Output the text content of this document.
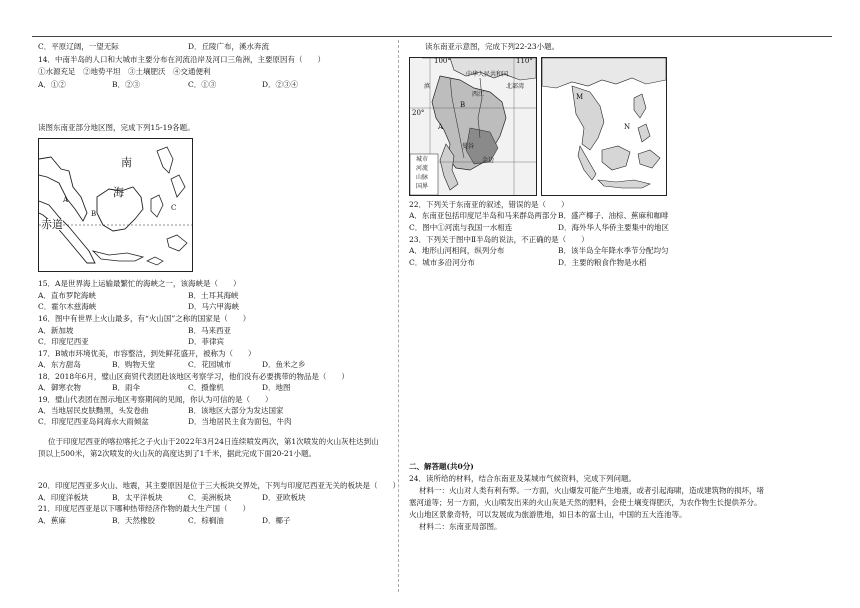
C．平原辽阔，一望无际	D．丘陵广布，溪水奔流
14．中南半岛的人口和大城市主要分布在河流沿岸及河口三角洲，主要原因有（　　）
①水源充足　②地势平坦　③土壤肥沃　④交通便利
A．①②	B．②③	C．①③	D．②③④
读图东南亚部分地区图，完成下列15-19各题。
南
海
A
B
C
赤道
15．A是世界海上运输最繁忙的海峡之一，该海峡是（　　）
A．直布罗陀海峡	B．土耳其海峡
C．霍尔木兹海峡	D．马六甲海峡
16．图中有世界上火山最多，有“火山国”之称的国家是（　　）
A．新加坡	B．马来西亚
C．印度尼西亚	D．菲律宾
17．B城市环境优美，市容整洁，到处鲜花盛开，被称为（　　）
A．东方甜岛	B．购物天堂	C．花园城市	D．鱼米之乡
18．2018年6月，璧山区商贸代表团赴该地区考察学习，他们没有必要携带的物品是（　　）
A．御寒衣物	B．雨伞	C．摄像机	D．地图
19．璧山代表团在图示地区考察期间的见闻，你认为可信的是（　　）
A．当地居民皮肤黝黑，头发卷曲	B．该地区大部分为发达国家
C．印度尼西亚岛间海水大雨倾盆	D．当地居民主食为面包，牛肉
位于印度尼西亚的喀拉喀托之子火山于2022年3月24日连续喷发两次，第1次喷发的火山灰柱达到山
顶以上500米，第2次喷发的火山灰的高度达到了1千米，据此完成下面20-21小题。
20．印度尼西亚多火山、地震，其主要原因是位于三大板块交界处，下列与印度尼西亚无关的板块是（　　）
A．印度洋板块	B．太平洋板块	C．美洲板块	D．亚欧板块
21．印度尼西亚是以下哪种热带经济作物的最大生产国（　　）
A．蕉麻	B．天然橡胶	C．棕榈油	D．椰子
读东南亚示意图，完成下列22-23小题。
100°	110°
20°
中华人民共和国
北部湾
滇
西江
B
A
曼谷
金边
城市
河流
山脉
国界
M
N
22．下列关于东南亚的叙述，错误的是（　　）
A．东南亚包括印度尼半岛和马来群岛两部分 B．盛产椰子、油棕、蕉麻和咖啡
C．图中①河流与我国一水相连	D．海外华人华侨主要集中的地区
23．下列关于图中Ⅱ半岛的说法，不正确的是（　　）
A．地形山河相间，纵列分布	B．该半岛全年降水季节分配均匀
C．城市多沿河分布	D．主要的粮食作物是水稻
二、解答题(共0分)
24．读所给的材料，结合东南亚及某城市气候资料，完成下列问题。
材料一：火山对人类有利有弊。一方面，火山爆发可能产生地震，或者引起海啸，造成建筑物的损坏，堵
塞河道等；另一方面，火山喷发出来的火山灰是天然的肥料，会使土壤变得肥沃，为农作物生长提供养分。
火山地区景象奇特，可以发展成为旅游胜地，如日本的富士山，中国的五大连池等。
材料二：东南亚局部图。
